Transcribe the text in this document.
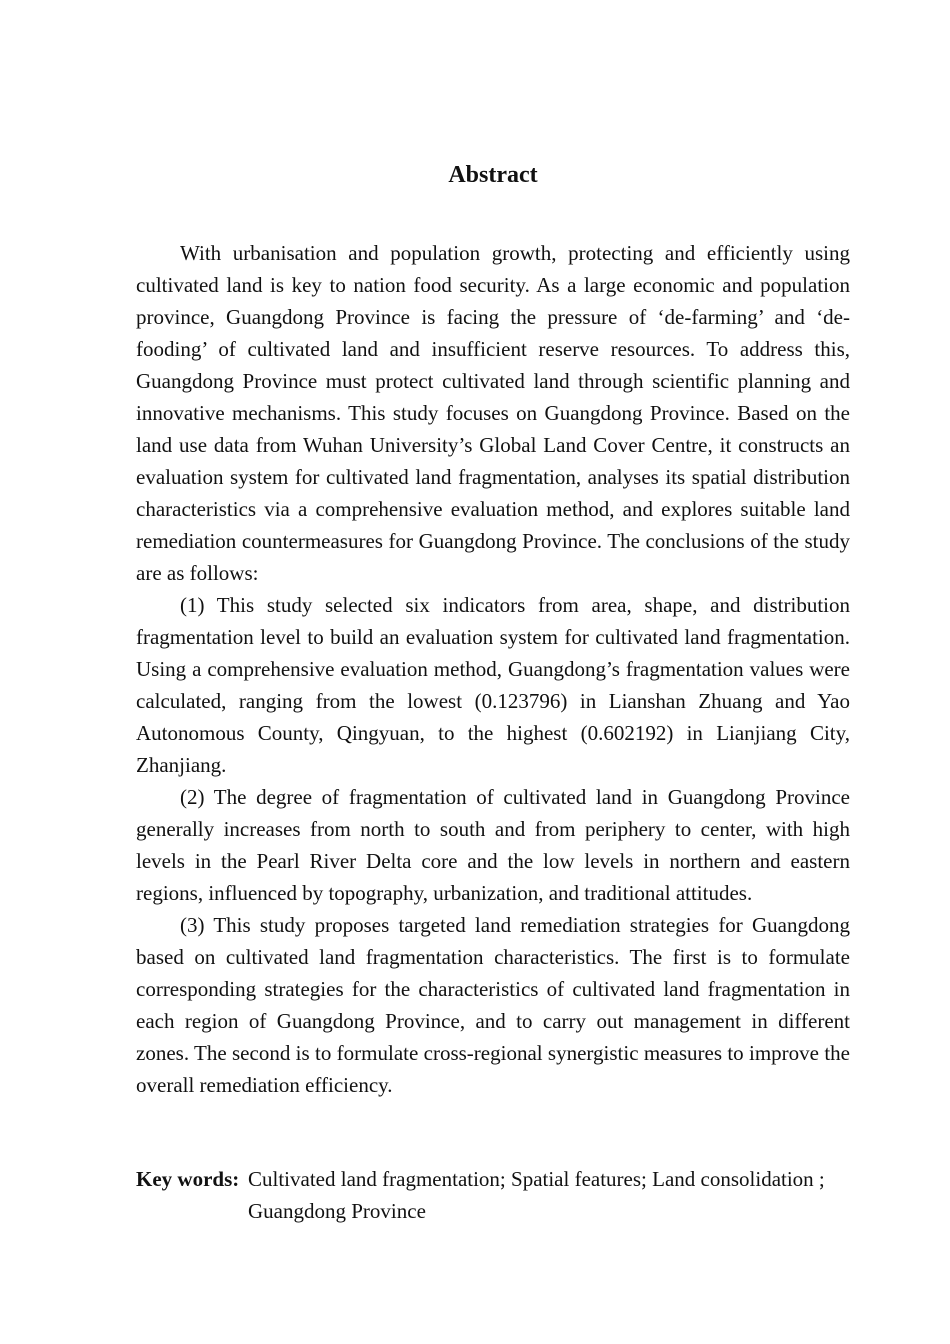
Abstract

With urbanisation and population growth, protecting and efficiently using cultivated land is key to nation food security. As a large economic and population province, Guangdong Province is facing the pressure of ‘de-farming’ and ‘de-fooding’ of cultivated land and insufficient reserve resources. To address this, Guangdong Province must protect cultivated land through scientific planning and innovative mechanisms. This study focuses on Guangdong Province. Based on the land use data from Wuhan University’s Global Land Cover Centre, it constructs an evaluation system for cultivated land fragmentation, analyses its spatial distribution characteristics via a comprehensive evaluation method, and explores suitable land remediation countermeasures for Guangdong Province. The conclusions of the study are as follows:

(1) This study selected six indicators from area, shape, and distribution fragmentation level to build an evaluation system for cultivated land fragmentation. Using a comprehensive evaluation method, Guangdong’s fragmentation values were calculated, ranging from the lowest (0.123796) in Lianshan Zhuang and Yao Autonomous County, Qingyuan, to the highest (0.602192) in Lianjiang City, Zhanjiang.

(2) The degree of fragmentation of cultivated land in Guangdong Province generally increases from north to south and from periphery to center, with high levels in the Pearl River Delta core and the low levels in northern and eastern regions, influenced by topography, urbanization, and traditional attitudes.

(3) This study proposes targeted land remediation strategies for Guangdong based on cultivated land fragmentation characteristics. The first is to formulate corresponding strategies for the characteristics of cultivated land fragmentation in each region of Guangdong Province, and to carry out management in different zones. The second is to formulate cross-regional synergistic measures to improve the overall remediation efficiency.

Key words: Cultivated land fragmentation; Spatial features; Land consolidation ;
Guangdong Province
